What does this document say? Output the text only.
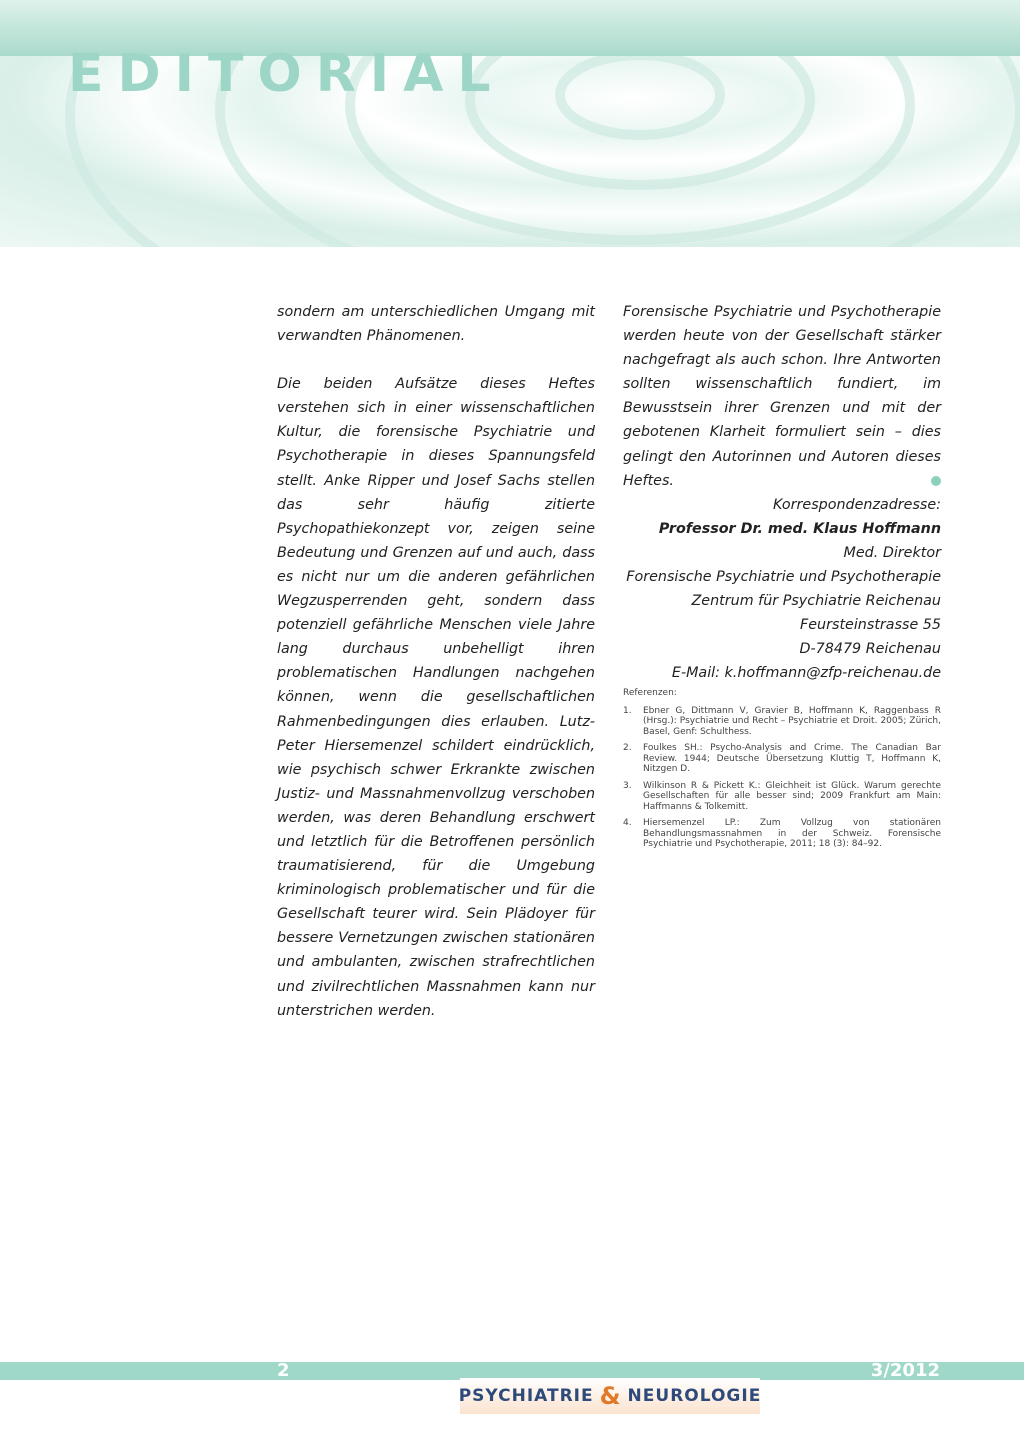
EDITORIAL

sondern am unterschiedlichen Umgang mit verwandten Phänomenen.

Die beiden Aufsätze dieses Heftes verstehen sich in einer wissenschaftlichen Kultur, die forensische Psychiatrie und Psychotherapie in dieses Spannungsfeld stellt. Anke Ripper und Josef Sachs stellen das sehr häufig zitierte Psychopathiekonzept vor, zeigen seine Bedeutung und Grenzen auf und auch, dass es nicht nur um die anderen gefährlichen Wegzusperrenden geht, sondern dass potenziell gefährliche Menschen viele Jahre lang durchaus unbehelligt ihren problematischen Handlungen nachgehen können, wenn die gesellschaftlichen Rahmenbedingungen dies erlauben. Lutz-Peter Hiersemenzel schildert eindrücklich, wie psychisch schwer Erkrankte zwischen Justiz- und Massnahmenvollzug verschoben werden, was deren Behandlung erschwert und letztlich für die Betroffenen persönlich traumatisierend, für die Umgebung kriminologisch problematischer und für die Gesellschaft teurer wird. Sein Plädoyer für bessere Vernetzungen zwischen stationären und ambulanten, zwischen strafrechtlichen und zivilrechtlichen Massnahmen kann nur unterstrichen werden.

Forensische Psychiatrie und Psychotherapie werden heute von der Gesellschaft stärker nachgefragt als auch schon. Ihre Antworten sollten wissenschaftlich fundiert, im Bewusstsein ihrer Grenzen und mit der gebotenen Klarheit formuliert sein – dies gelingt den Autorinnen und Autoren dieses Heftes.

Korrespondenzadresse:
Professor Dr. med. Klaus Hoffmann
Med. Direktor
Forensische Psychiatrie und Psychotherapie
Zentrum für Psychiatrie Reichenau
Feursteinstrasse 55
D-78479 Reichenau
E-Mail: k.hoffmann@zfp-reichenau.de
Referenzen:
1.	Ebner G, Dittmann V, Gravier B, Hoffmann K, Raggenbass R (Hrsg.): Psychiatrie und Recht – Psychiatrie et Droit. 2005; Zürich, Basel, Genf: Schulthess.
2.	Foulkes SH.: Psycho-Analysis and Crime. The Canadian Bar Review. 1944; Deutsche Übersetzung Kluttig T, Hoffmann K, Nitzgen D.
3.	Wilkinson R & Pickett K.: Gleichheit ist Glück. Warum gerechte Gesellschaften für alle besser sind; 2009 Frankfurt am Main: Haffmanns & Tolkemitt.
4.	Hiersemenzel LP.: Zum Vollzug von stationären Behandlungsmassnahmen in der Schweiz. Forensische Psychiatrie und Psychotherapie, 2011; 18 (3): 84–92.
2	3/2012
PSYCHIATRIE & NEUROLOGIE
